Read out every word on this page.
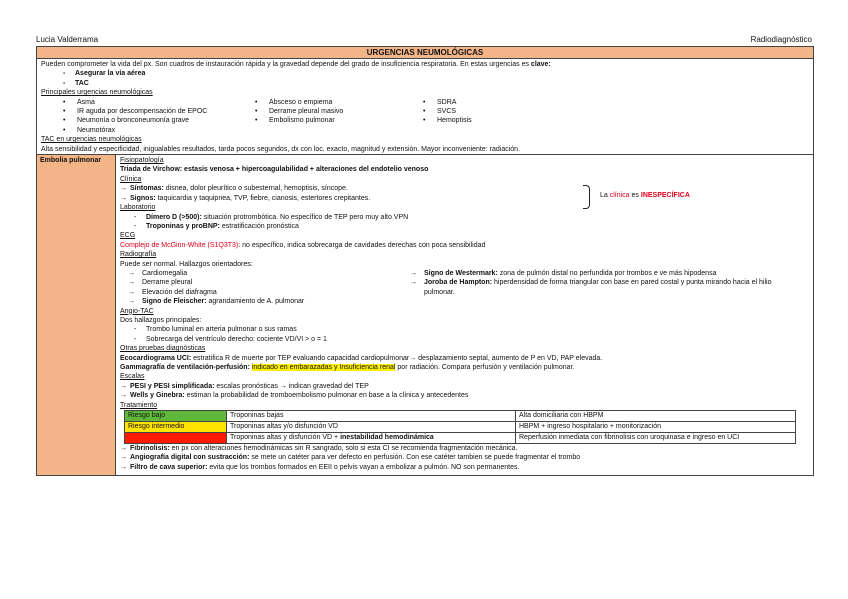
Lucia Valderrama	Radiodiagnóstico
URGENCIAS NEUMOLÓGICAS
Pueden comprometer la vida del px. Son cuadros de instauración rápida y la gravedad depende del grado de insuficiencia respiratoria. En estas urgencias es clave:
- Asegurar la vía aérea
- TAC
Principales urgencias neumológicas
• Asma
• IR aguda por descompensación de EPOC
• Neumonía o bronconeumonía grave
• Neumotórax
• Absceso o empiema
• Derrame pleural masivo
• Embolismo pulmonar
• SDRA
• SVCS
• Hemoptisis
TAC en urgencias neumológicas
Alta sensibilidad y especificidad, inigualables resultados, tarda pocos segundos, dx con loc. exacto, magnitud y extensión. Mayor inconveniente: radiación.
Embolia pulmonar	Fisiopatología
Triada de Virchow: estasis venosa + hipercoagulabilidad + alteraciones del endotelio venoso
Clínica
→ Síntomas: disnea, dolor pleurítico o subesternal, hemoptisis, síncope.
→ Signos: taquicardia y taquipnea, TVP, fiebre, cianosis, estertores crepitantes.	La clínica es INESPECÍFICA
Laboratorio
- Dímero D (>500): situación protrombótica. No específico de TEP pero muy alto VPN
- Troponinas y proBNP: estratificación pronóstica
ECG
Complejo de McGinn-White (S1Q3T3): no específico, indica sobrecarga de cavidades derechas con poca sensibilidad
Radiografía
Puede ser normal. Hallazgos orientadores:
→ Cardiomegalia
→ Derrame pleural
→ Elevación del diafragma
→ Signo de Fleischer: agrandamiento de A. pulmonar
→ Signo de Westermark: zona de pulmón distal no perfundida por trombos e ve más hipodensa
→ Joroba de Hampton: hiperdensidad de forma triangular con base en pared costal y punta mirando hacia el hilio pulmonar.
Angio-TAC
Dos hallazgos principales:
- Trombo luminal en arteria pulmonar o sus ramas
- Sobrecarga del ventrículo derecho: cociente VD/VI > o = 1
Otras pruebas diagnósticas
Ecocardiograma UCI: estratifica R de muerte por TEP evaluando capacidad cardiopulmonar→ desplazamiento septal, aumento de P en VD, PAP elevada.
Gammagrafía de ventilación-perfusión: indicado en embarazadas y Insuficiencia renal por radiación. Compara perfusión y ventilación pulmonar.
Escalas
→ PESI y PESI simplificada: escalas pronósticas → indican gravedad del TEP
→ Wells y Ginebra: estiman la probabilidad de tromboembolismo pulmonar en base a la clínica y antecedentes
Tratamiento
Riesgo bajo	Troponinas bajas	Alta domiciliaria con HBPM
Riesgo intermedio	Troponinas altas y/o disfunción VD	HBPM + ingreso hospitalario + monitorización
Riesgo alto	Troponinas altas y disfunción VD + inestabilidad hemodinámica	Reperfusión inmediata con fibrinolisis con uroquinasa e ingreso en UCI
→ Fibrinolisis: en px con alteraciones hemodinámicas sin R sangrado, solo si esta CI se recomienda fragmentación mecánica.
→ Angiografía digital con sustracción: se mete un catéter para ver defecto en perfusión. Con ese catéter tambien se puede fragmentar el trombo
→ Filtro de cava superior: evita que los trombos formados en EEII o pelvis vayan a embolizar a pulmón. NO son permanentes.
